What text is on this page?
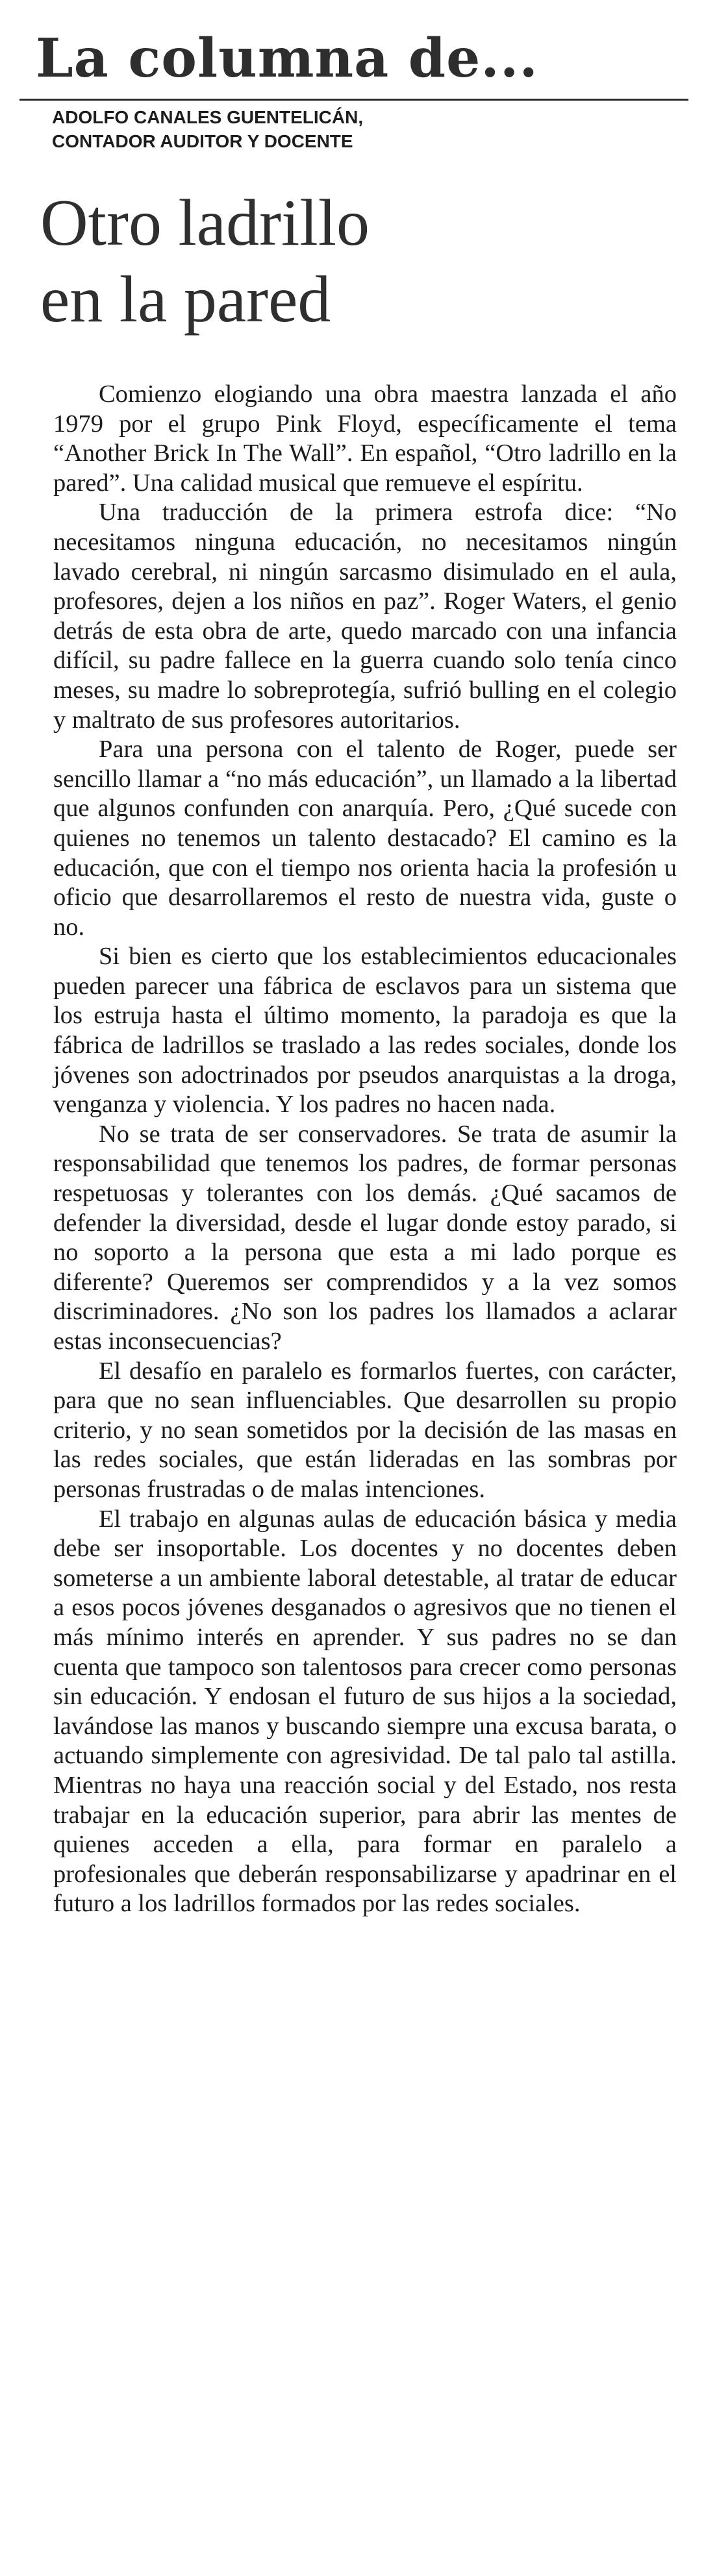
La columna de...
ADOLFO CANALES GUENTELICÁN,
CONTADOR AUDITOR Y DOCENTE
Otro ladrillo
en la pared

Comienzo elogiando una obra maestra lanzada el año 1979 por el grupo Pink Floyd, específicamente el tema “Another Brick In The Wall”. En español, “Otro ladrillo en la pared”. Una calidad musical que remueve el espíritu.

Una traducción de la primera estrofa dice: “No necesitamos ninguna educación, no necesitamos ningún lavado cerebral, ni ningún sarcasmo disimulado en el aula, profesores, dejen a los niños en paz”. Roger Waters, el genio detrás de esta obra de arte, quedo marcado con una infancia difícil, su padre fallece en la guerra cuando solo tenía cinco meses, su madre lo sobreprotegía, sufrió bulling en el colegio y maltrato de sus profesores autoritarios.

Para una persona con el talento de Roger, puede ser sencillo llamar a “no más educación”, un llamado a la libertad que algunos confunden con anarquía. Pero, ¿Qué sucede con quienes no tenemos un talento destacado? El camino es la educación, que con el tiempo nos orienta hacia la profesión u oficio que desarrollaremos el resto de nuestra vida, guste o no.

Si bien es cierto que los establecimientos educacionales pueden parecer una fábrica de esclavos para un sistema que los estruja hasta el último momento, la paradoja es que la fábrica de ladrillos se traslado a las redes sociales, donde los jóvenes son adoctrinados por pseudos anarquistas a la droga, venganza y violencia. Y los padres no hacen nada.

No se trata de ser conservadores. Se trata de asumir la responsabilidad que tenemos los padres, de formar personas respetuosas y tolerantes con los demás. ¿Qué sacamos de defender la diversidad, desde el lugar donde estoy parado, si no soporto a la persona que esta a mi lado porque es diferente? Queremos ser comprendidos y a la vez somos discriminadores. ¿No son los padres los llamados a aclarar estas inconsecuencias?

El desafío en paralelo es formarlos fuertes, con carácter, para que no sean influenciables. Que desarrollen su propio criterio, y no sean sometidos por la decisión de las masas en las redes sociales, que están lideradas en las sombras por personas frustradas o de malas intenciones.

El trabajo en algunas aulas de educación básica y media debe ser insoportable. Los docentes y no docentes deben someterse a un ambiente laboral detestable, al tratar de educar a esos pocos jóvenes desganados o agresivos que no tienen el más mínimo interés en aprender. Y sus padres no se dan cuenta que tampoco son talentosos para crecer como personas sin educación. Y endosan el futuro de sus hijos a la sociedad, lavándose las manos y buscando siempre una excusa barata, o actuando simplemente con agresividad. De tal palo tal astilla. Mientras no haya una reacción social y del Estado, nos resta trabajar en la educación superior, para abrir las mentes de quienes acceden a ella, para formar en paralelo a profesionales que deberán responsabilizarse y apadrinar en el futuro a los ladrillos formados por las redes sociales.
